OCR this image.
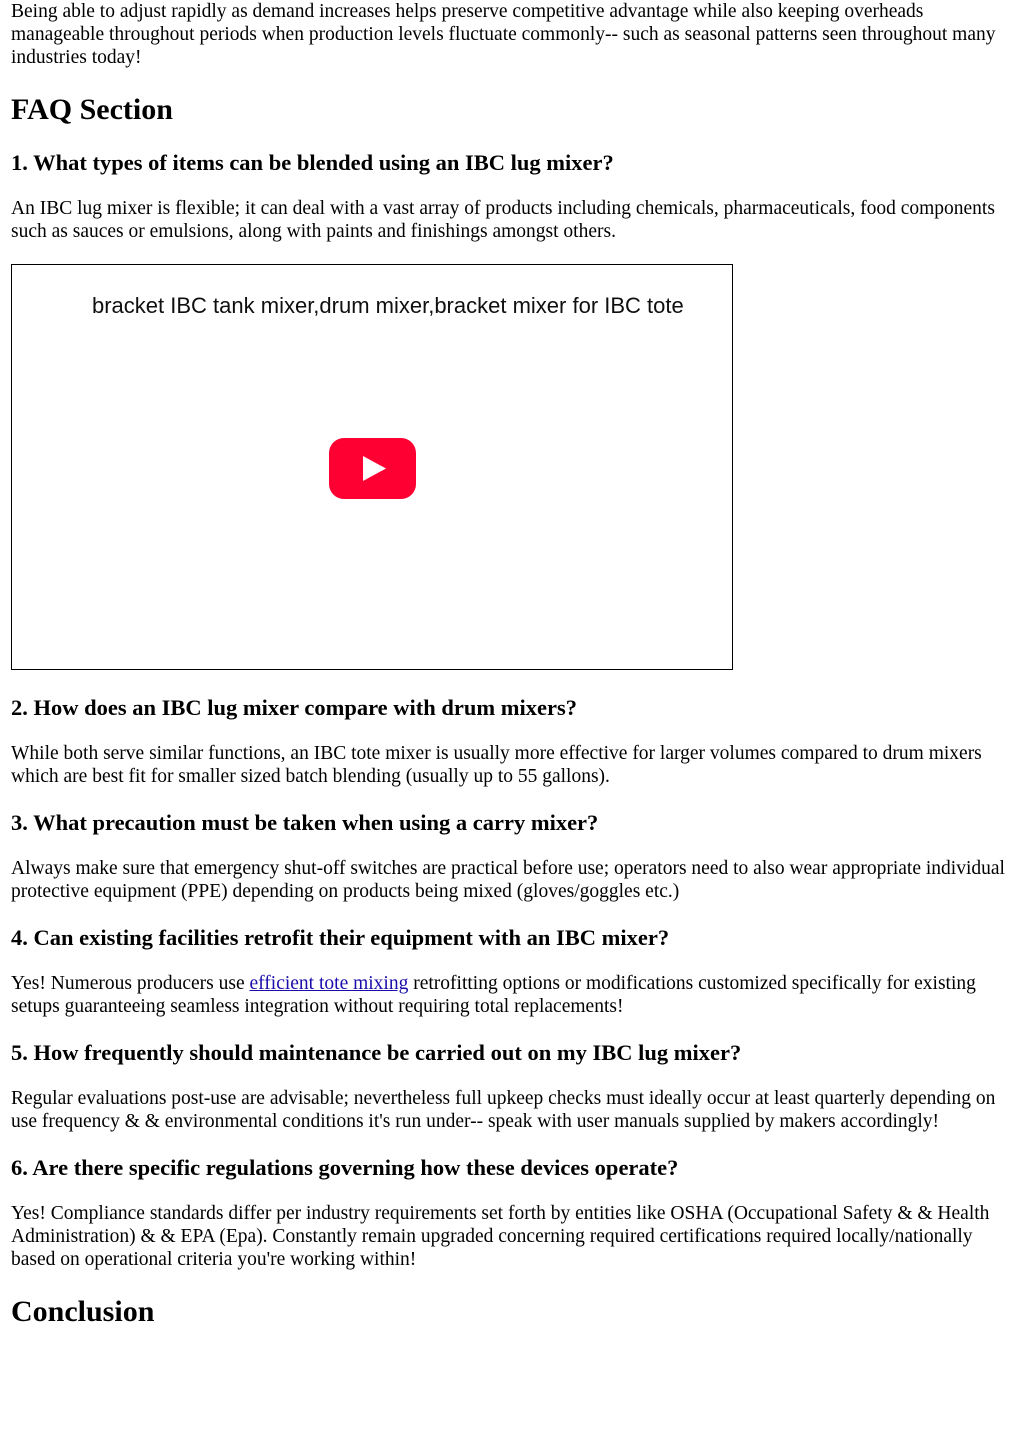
Being able to adjust rapidly as demand increases helps preserve competitive advantage while also keeping overheads manageable throughout periods when production levels fluctuate commonly-- such as seasonal patterns seen throughout many industries today!

FAQ Section
1. What types of items can be blended using an IBC lug mixer?

An IBC lug mixer is flexible; it can deal with a vast array of products including chemicals, pharmaceuticals, food components such as sauces or emulsions, along with paints and finishings amongst others.

bracket IBC tank mixer,drum mixer,bracket mixer for IBC tote
2. How does an IBC lug mixer compare with drum mixers?

While both serve similar functions, an IBC tote mixer is usually more effective for larger volumes compared to drum mixers which are best fit for smaller sized batch blending (usually up to 55 gallons).

3. What precaution must be taken when using a carry mixer?

Always make sure that emergency shut-off switches are practical before use; operators need to also wear appropriate individual protective equipment (PPE) depending on products being mixed (gloves/goggles etc.)

4. Can existing facilities retrofit their equipment with an IBC mixer?

Yes! Numerous producers use efficient tote mixing retrofitting options or modifications customized specifically for existing setups guaranteeing seamless integration without requiring total replacements!

5. How frequently should maintenance be carried out on my IBC lug mixer?

Regular evaluations post-use are advisable; nevertheless full upkeep checks must ideally occur at least quarterly depending on use frequency & & environmental conditions it's run under-- speak with user manuals supplied by makers accordingly!

6. Are there specific regulations governing how these devices operate?

Yes! Compliance standards differ per industry requirements set forth by entities like OSHA (Occupational Safety & & Health Administration) & & EPA (Epa). Constantly remain upgraded concerning required certifications required locally/nationally based on operational criteria you're working within!

Conclusion
